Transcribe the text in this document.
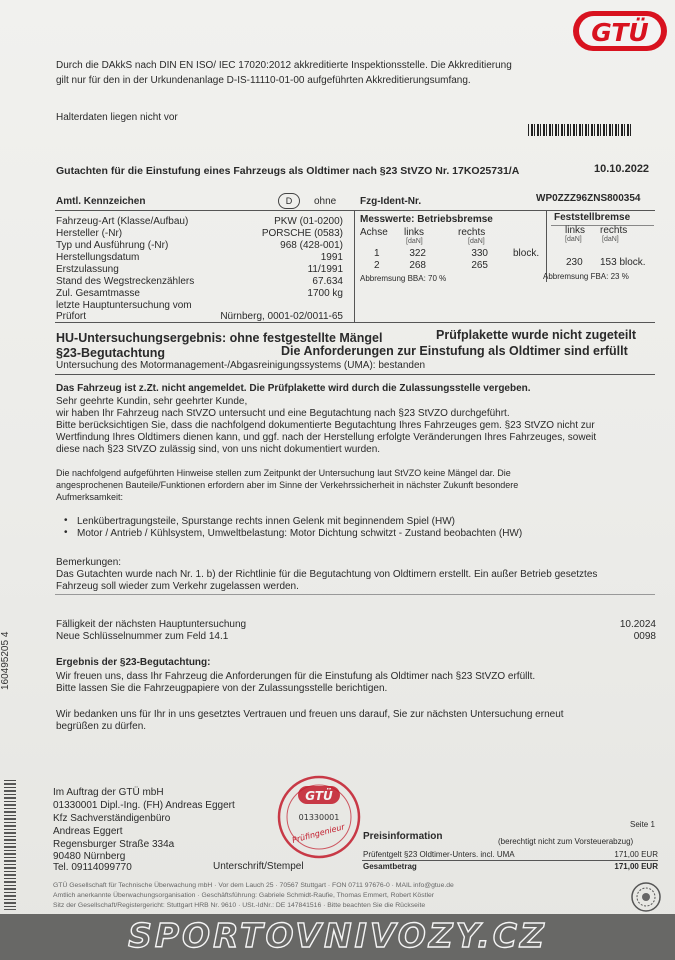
GTÜ
Durch die DAkkS nach DIN EN ISO/ IEC 17020:2012 akkreditierte Inspektionsstelle. Die Akkreditierung
gilt nur für den in der Urkundenanlage D-IS-11110-01-00 aufgeführten Akkreditierungsumfang.
Halterdaten liegen nicht vor
Gutachten für die Einstufung eines Fahrzeugs als Oldtimer nach §23 StVZO Nr. 17KO25731/A	10.10.2022
Amtl. Kennzeichen	D	ohne Fzg-Ident-Nr.	WP0ZZZ96ZNS800354
Fahrzeug-Art (Klasse/Aufbau)	PKW (01-0200)
Hersteller (-Nr)	PORSCHE (0583)
Typ und Ausführung (-Nr)	968 (428-001)
Herstellungsdatum	1991
Erstzulassung	11/1991
Stand des Wegstreckenzählers	67.634
Zul. Gesamtmasse	1700 kg
letzte Hauptuntersuchung vom
Prüfort	Nürnberg, 0001-02/0011-65
Messwerte: Betriebsbremse
Achse links	rechts
[daN]	[daN]
1	322	330	block.
2	268	265
Abbremsung BBA: 70 %
Feststellbremse
links rechts
[daN]	[daN]
230 153 block.
Abbremsung FBA: 23 %
HU-Untersuchungsergebnis: ohne festgestellte Mängel	Prüfplakette wurde nicht zugeteilt
§23-Begutachtung	Die Anforderungen zur Einstufung als Oldtimer sind erfüllt
Untersuchung des Motormanagement-/Abgasreinigungssystems (UMA): bestanden
Das Fahrzeug ist z.Zt. nicht angemeldet. Die Prüfplakette wird durch die Zulassungsstelle vergeben.
Sehr geehrte Kundin, sehr geehrter Kunde,
wir haben Ihr Fahrzeug nach StVZO untersucht und eine Begutachtung nach §23 StVZO durchgeführt.
Bitte berücksichtigen Sie, dass die nachfolgend dokumentierte Begutachtung Ihres Fahrzeuges gem. §23 StVZO nicht zur
Wertfindung Ihres Oldtimers dienen kann, und ggf. nach der Herstellung erfolgte Veränderungen Ihres Fahrzeuges, soweit
diese nach §23 StVZO zulässig sind, von uns nicht dokumentiert wurden.
Die nachfolgend aufgeführten Hinweise stellen zum Zeitpunkt der Untersuchung laut StVZO keine Mängel dar. Die
angesprochenen Bauteile/Funktionen erfordern aber im Sinne der Verkehrssicherheit in nächster Zukunft besondere
Aufmerksamkeit:
• Lenkübertragungsteile, Spurstange rechts innen Gelenk mit beginnendem Spiel (HW)
• Motor / Antrieb / Kühlsystem, Umweltbelastung: Motor Dichtung schwitzt - Zustand beobachten (HW)
Bemerkungen:
Das Gutachten wurde nach Nr. 1. b) der Richtlinie für die Begutachtung von Oldtimern erstellt. Ein außer Betrieb gesetztes
Fahrzeug soll wieder zum Verkehr zugelassen werden.
Fälligkeit der nächsten Hauptuntersuchung	10.2024
Neue Schlüsselnummer zum Feld 14.1	0098
Ergebnis der §23-Begutachtung:
Wir freuen uns, dass Ihr Fahrzeug die Anforderungen für die Einstufung als Oldtimer nach §23 StVZO erfüllt.
Bitte lassen Sie die Fahrzeugpapiere von der Zulassungsstelle berichtigen.
Wir bedanken uns für Ihr in uns gesetztes Vertrauen und freuen uns darauf, Sie zur nächsten Untersuchung erneut
begrüßen zu dürfen.
Im Auftrag der GTÜ mbH
01330001 Dipl.-Ing. (FH) Andreas Eggert
Kfz Sachverständigenbüro
Andreas Eggert
Regensburger Straße 334a
90480 Nürnberg
Tel. 09114099770	Unterschrift/Stempel
GTÜ
01330001
Prüfingenieur	Seite 1
Preisinformation	(berechtigt nicht zum Vorsteuerabzug)
Prüfentgelt §23 Oldtimer-Unters. incl. UMA	171,00 EUR
Gesamtbetrag	171,00 EUR
GTÜ Gesellschaft für Technische Überwachung mbH · Vor dem Lauch 25 · 70567 Stuttgart · FON 0711 97676-0 · MAIL info@gtue.de
Amtlich anerkannte Überwachungsorganisation · Geschäftsführung: Gabriele Schmidt-Raufie, Thomas Emmert, Robert Köstler
Sitz der Gesellschaft/Registergericht: Stuttgart HRB Nr. 9610 · USt.-IdNr.: DE 147841516 · Bitte beachten Sie die Rückseite
160495205 4
SPORTOVNIVOZY.CZ
